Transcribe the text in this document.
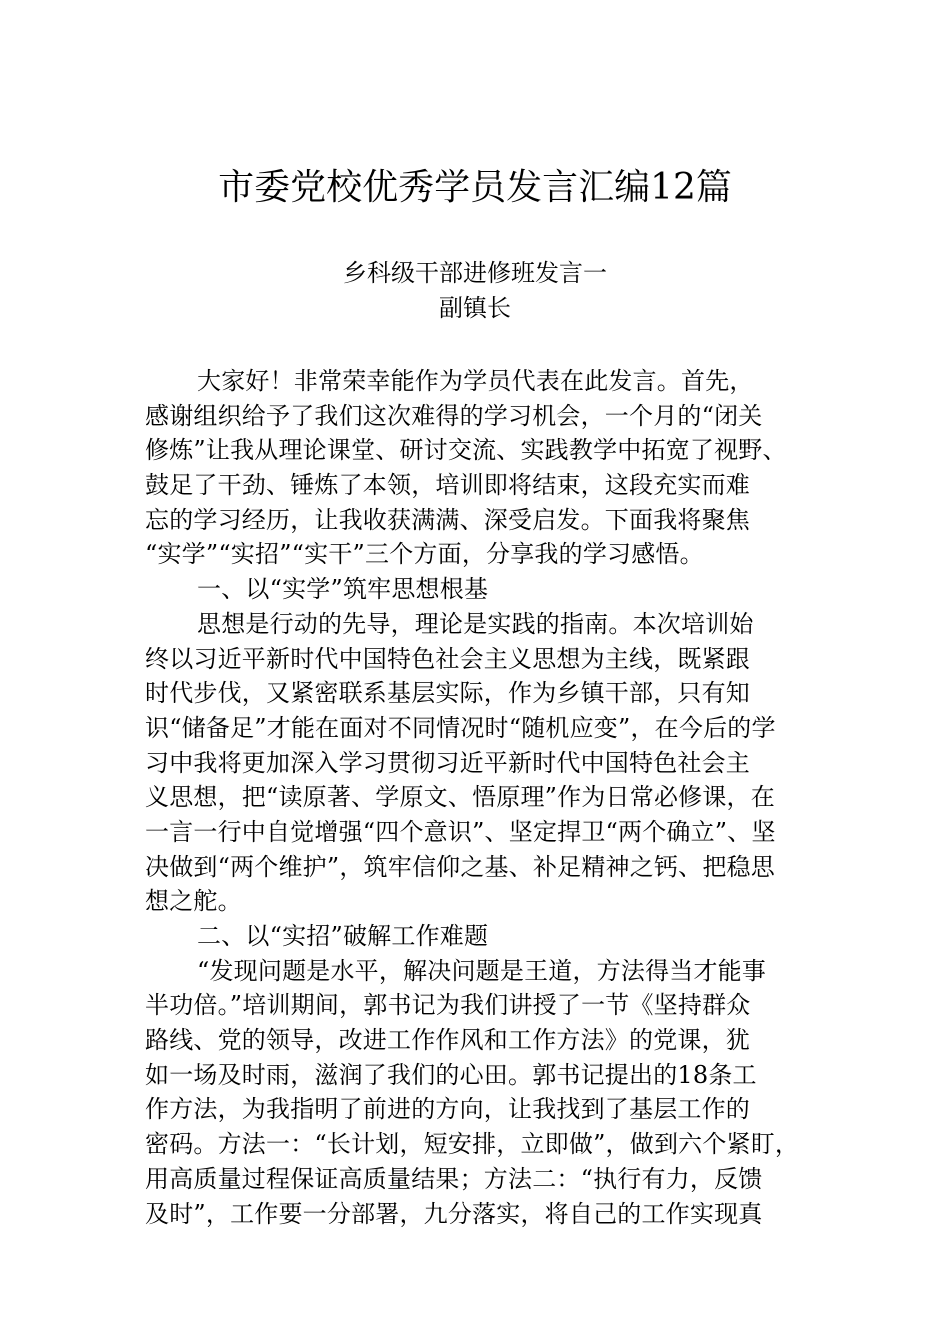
市委党校优秀学员发言汇编12篇
乡科级干部进修班发言一
副镇长
大家好！非常荣幸能作为学员代表在此发言。首先，
感谢组织给予了我们这次难得的学习机会，一个月的“闭关
修炼”让我从理论课堂、研讨交流、实践教学中拓宽了视野、
鼓足了干劲、锤炼了本领，培训即将结束，这段充实而难
忘的学习经历，让我收获满满、深受启发。下面我将聚焦
“实学”“实招”“实干”三个方面，分享我的学习感悟。
一、以“实学”筑牢思想根基
思想是行动的先导，理论是实践的指南。本次培训始
终以习近平新时代中国特色社会主义思想为主线，既紧跟
时代步伐，又紧密联系基层实际，作为乡镇干部，只有知
识“储备足”才能在面对不同情况时“随机应变”，在今后的学
习中我将更加深入学习贯彻习近平新时代中国特色社会主
义思想，把“读原著、学原文、悟原理”作为日常必修课，在
一言一行中自觉增强“四个意识”、坚定捍卫“两个确立”、坚
决做到“两个维护”，筑牢信仰之基、补足精神之钙、把稳思
想之舵。
二、以“实招”破解工作难题
“发现问题是水平，解决问题是王道，方法得当才能事
半功倍。”培训期间，郭书记为我们讲授了一节《坚持群众
路线、党的领导，改进工作作风和工作方法》的党课，犹
如一场及时雨，滋润了我们的心田。郭书记提出的18条工
作方法，为我指明了前进的方向，让我找到了基层工作的
密码。方法一：“长计划，短安排，立即做”，做到六个紧盯，
用高质量过程保证高质量结果；方法二：“执行有力，反馈
及时”，工作要一分部署，九分落实，将自己的工作实现真
